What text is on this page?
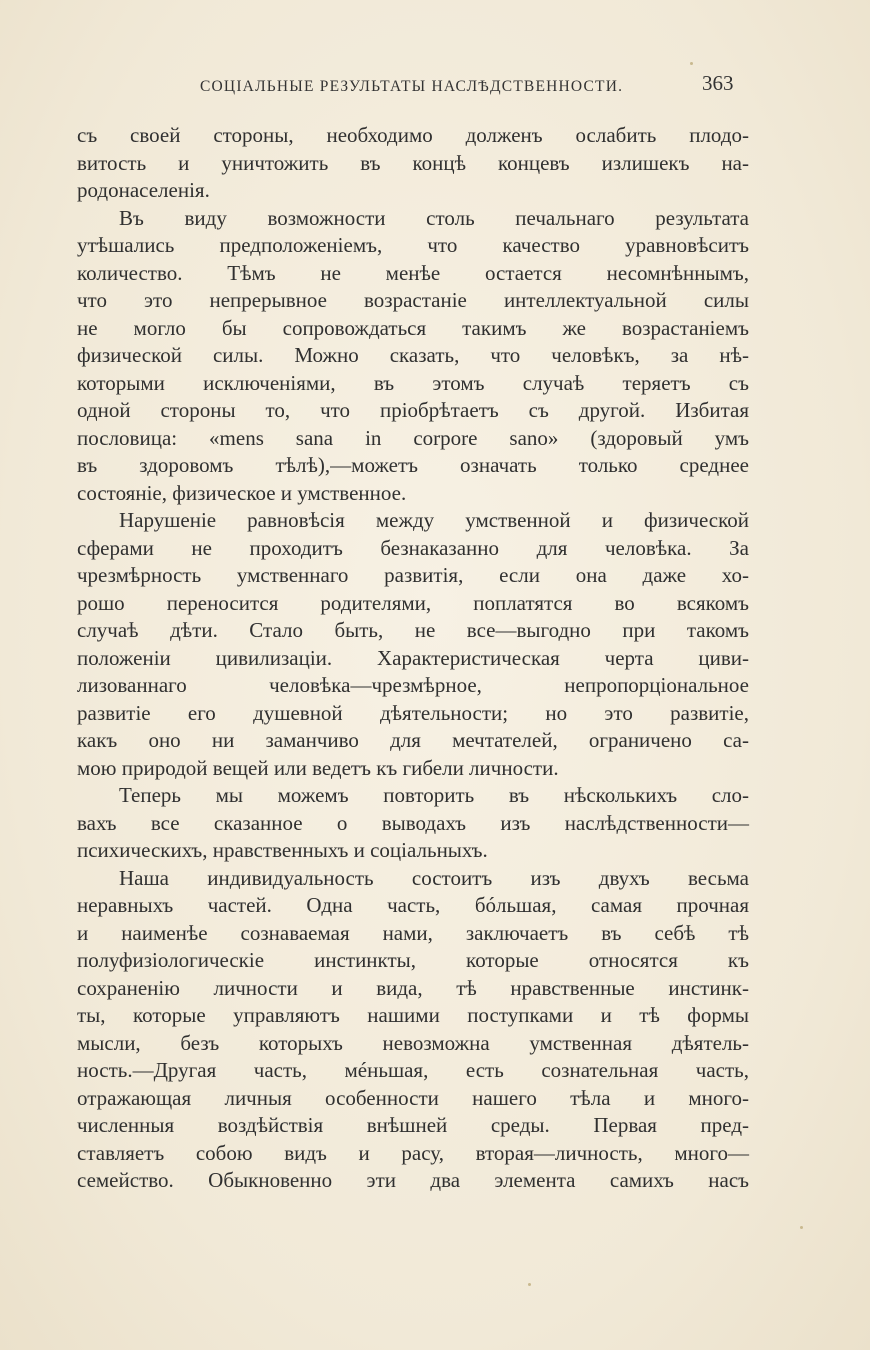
СОЦIАЛЬНЫЕ РЕЗУЛЬТАТЫ НАСЛѢДСТВЕННОСТИ.	363
съ своей стороны, необходимо долженъ ослабить плодо-
витость и уничтожить въ концѣ концевъ излишекъ на-
родонаселенiя.
Въ виду возможности столь печальнаго результата
утѣшались предположенiемъ, что качество уравновѣситъ
количество. Тѣмъ не менѣе остается несомнѣннымъ,
что это непрерывное возрастанiе интеллектуальной силы
не могло бы сопровождаться такимъ же возрастанiемъ
физической силы. Можно сказать, что человѣкъ, за нѣ-
которыми исключенiями, въ этомъ случаѣ теряетъ съ
одной стороны то, что прiобрѣтаетъ съ другой. Избитая
пословица: «mens sana in corpore sano» (здоровый умъ
въ здоровомъ тѣлѣ),—можетъ означать только среднее
состоянiе, физическое и умственное.
Нарушенiе равновѣсiя между умственной и физической
сферами не проходитъ безнаказанно для человѣка. За
чрезмѣрность умственнаго развитiя, если она даже хо-
рошо переносится родителями, поплатятся во всякомъ
случаѣ дѣти. Стало быть, не все—выгодно при такомъ
положенiи цивилизацiи. Характеристическая черта циви-
лизованнаго человѣка—чрезмѣрное, непропорцiональное
развитiе его душевной дѣятельности; но это развитiе,
какъ оно ни заманчиво для мечтателей, ограничено са-
мою природой вещей или ведетъ къ гибели личности.
Теперь мы можемъ повторить въ нѣсколькихъ сло-
вахъ все сказанное о выводахъ изъ наслѣдственности—
психическихъ, нравственныхъ и соцiальныхъ.
Наша индивидуальность состоитъ изъ двухъ весьма
неравныхъ частей. Одна часть, бóльшая, самая прочная
и наименѣе сознаваемая нами, заключаетъ въ себѣ тѣ
полуфизiологическiе инстинкты, которые относятся къ
сохраненiю личности и вида, тѣ нравственные инстинк-
ты, которые управляютъ нашими поступками и тѣ формы
мысли, безъ которыхъ невозможна умственная дѣятель-
ность.—Другая часть, мéньшая, есть сознательная часть,
отражающая личныя особенности нашего тѣла и много-
численныя воздѣйствiя внѣшней среды. Первая пред-
ставляетъ собою видъ и расу, вторая—личность, много—
семейство. Обыкновенно эти два элемента самихъ насъ
